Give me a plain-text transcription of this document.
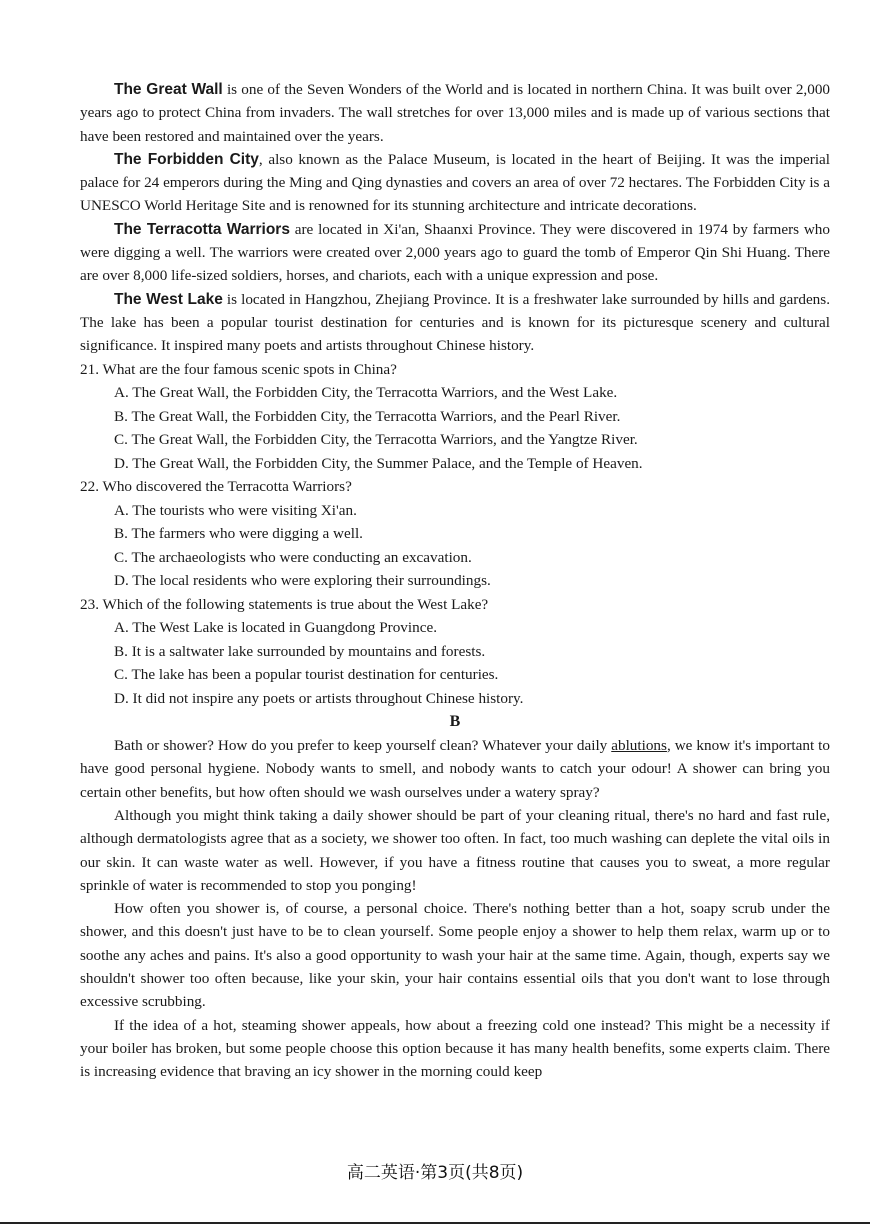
The Great Wall is one of the Seven Wonders of the World and is located in northern China. It was built over 2,000 years ago to protect China from invaders. The wall stretches for over 13,000 miles and is made up of various sections that have been restored and maintained over the years.

The Forbidden City, also known as the Palace Museum, is located in the heart of Beijing. It was the imperial palace for 24 emperors during the Ming and Qing dynasties and covers an area of over 72 hectares. The Forbidden City is a UNESCO World Heritage Site and is renowned for its stunning architecture and intricate decorations.

The Terracotta Warriors are located in Xi'an, Shaanxi Province. They were discovered in 1974 by farmers who were digging a well. The warriors were created over 2,000 years ago to guard the tomb of Emperor Qin Shi Huang. There are over 8,000 life-sized soldiers, horses, and chariots, each with a unique expression and pose.

The West Lake is located in Hangzhou, Zhejiang Province. It is a freshwater lake surrounded by hills and gardens. The lake has been a popular tourist destination for centuries and is known for its picturesque scenery and cultural significance. It inspired many poets and artists throughout Chinese history.

21. What are the four famous scenic spots in China?

A. The Great Wall, the Forbidden City, the Terracotta Warriors, and the West Lake.

B. The Great Wall, the Forbidden City, the Terracotta Warriors, and the Pearl River.

C. The Great Wall, the Forbidden City, the Terracotta Warriors, and the Yangtze River.

D. The Great Wall, the Forbidden City, the Summer Palace, and the Temple of Heaven.

22. Who discovered the Terracotta Warriors?

A. The tourists who were visiting Xi'an.

B. The farmers who were digging a well.

C. The archaeologists who were conducting an excavation.

D. The local residents who were exploring their surroundings.

23. Which of the following statements is true about the West Lake?

A. The West Lake is located in Guangdong Province.

B. It is a saltwater lake surrounded by mountains and forests.

C. The lake has been a popular tourist destination for centuries.

D. It did not inspire any poets or artists throughout Chinese history.

B

Bath or shower? How do you prefer to keep yourself clean? Whatever your daily ablutions, we know it's important to have good personal hygiene. Nobody wants to smell, and nobody wants to catch your odour! A shower can bring you certain other benefits, but how often should we wash ourselves under a watery spray?

Although you might think taking a daily shower should be part of your cleaning ritual, there's no hard and fast rule, although dermatologists agree that as a society, we shower too often. In fact, too much washing can deplete the vital oils in our skin. It can waste water as well. However, if you have a fitness routine that causes you to sweat, a more regular sprinkle of water is recommended to stop you ponging!

How often you shower is, of course, a personal choice. There's nothing better than a hot, soapy scrub under the shower, and this doesn't just have to be to clean yourself. Some people enjoy a shower to help them relax, warm up or to soothe any aches and pains. It's also a good opportunity to wash your hair at the same time. Again, though, experts say we shouldn't shower too often because, like your skin, your hair contains essential oils that you don't want to lose through excessive scrubbing.

If the idea of a hot, steaming shower appeals, how about a freezing cold one instead? This might be a necessity if your boiler has broken, but some people choose this option because it has many health benefits, some experts claim. There is increasing evidence that braving an icy shower in the morning could keep

高二英语·第3页(共8页)
